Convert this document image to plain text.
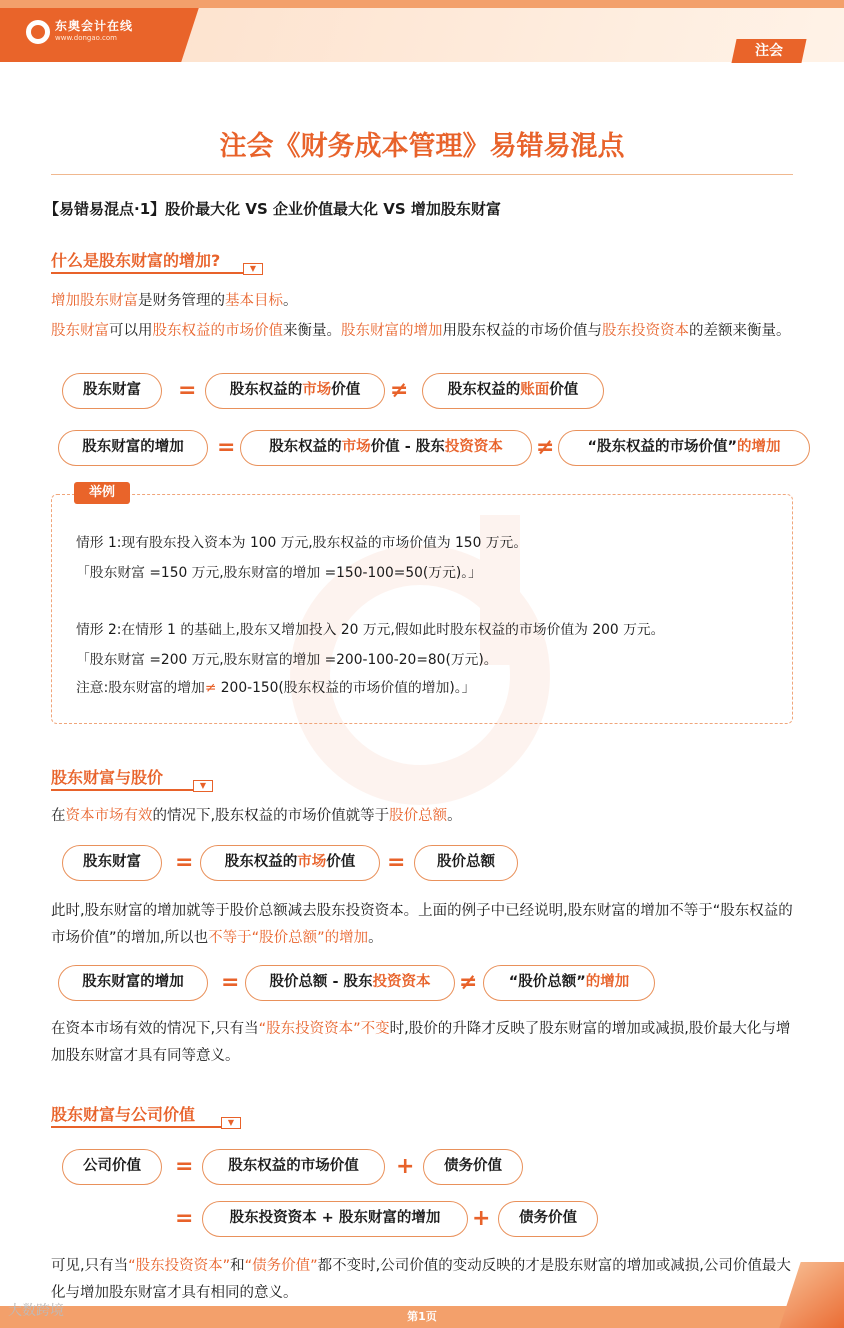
东奥会计在线
www.dongao.com
注会
注会《财务成本管理》易错易混点
【易错易混点·1】股价最大化 VS 企业价值最大化 VS 增加股东财富
什么是股东财富的增加?	▼
增加股东财富是财务管理的基本目标。
股东财富可以用股东权益的市场价值来衡量。股东财富的增加用股东权益的市场价值与股东投资资本的差额来衡量。
股东财富	=	股东权益的市场价值	≠	股东权益的账面价值
股东财富的增加	=	股东权益的市场价值 - 股东投资资本	≠	“股东权益的市场价值”的增加
举例
情形 1:现有股东投入资本为 100 万元,股东权益的市场价值为 150 万元。
「股东财富 =150 万元,股东财富的增加 =150-100=50(万元)。」
情形 2:在情形 1 的基础上,股东又增加投入 20 万元,假如此时股东权益的市场价值为 200 万元。
「股东财富 =200 万元,股东财富的增加 =200-100-20=80(万元)。
注意:股东财富的增加≠ 200-150(股东权益的市场价值的增加)。」
股东财富与股价	▼
在资本市场有效的情况下,股东权益的市场价值就等于股价总额。
股东财富	=	股东权益的市场价值	=	股价总额
此时,股东财富的增加就等于股价总额减去股东投资资本。上面的例子中已经说明,股东财富的增加不等于“股东权益的市场价值”的增加,所以也不等于“股价总额”的增加。
股东财富的增加	=	股价总额 - 股东投资资本	≠	“股价总额”的增加
在资本市场有效的情况下,只有当“股东投资资本”不变时,股价的升降才反映了股东财富的增加或减损,股价最大化与增加股东财富才具有同等意义。
股东财富与公司价值	▼
公司价值	=	股东权益的市场价值	+	债务价值
=	股东投资资本 + 股东财富的增加	+	债务价值
可见,只有当“股东投资资本”和“债务价值”都不变时,公司价值的变动反映的才是股东财富的增加或减损,公司价值最大化与增加股东财富才具有相同的意义。
第1页
大数跨境
